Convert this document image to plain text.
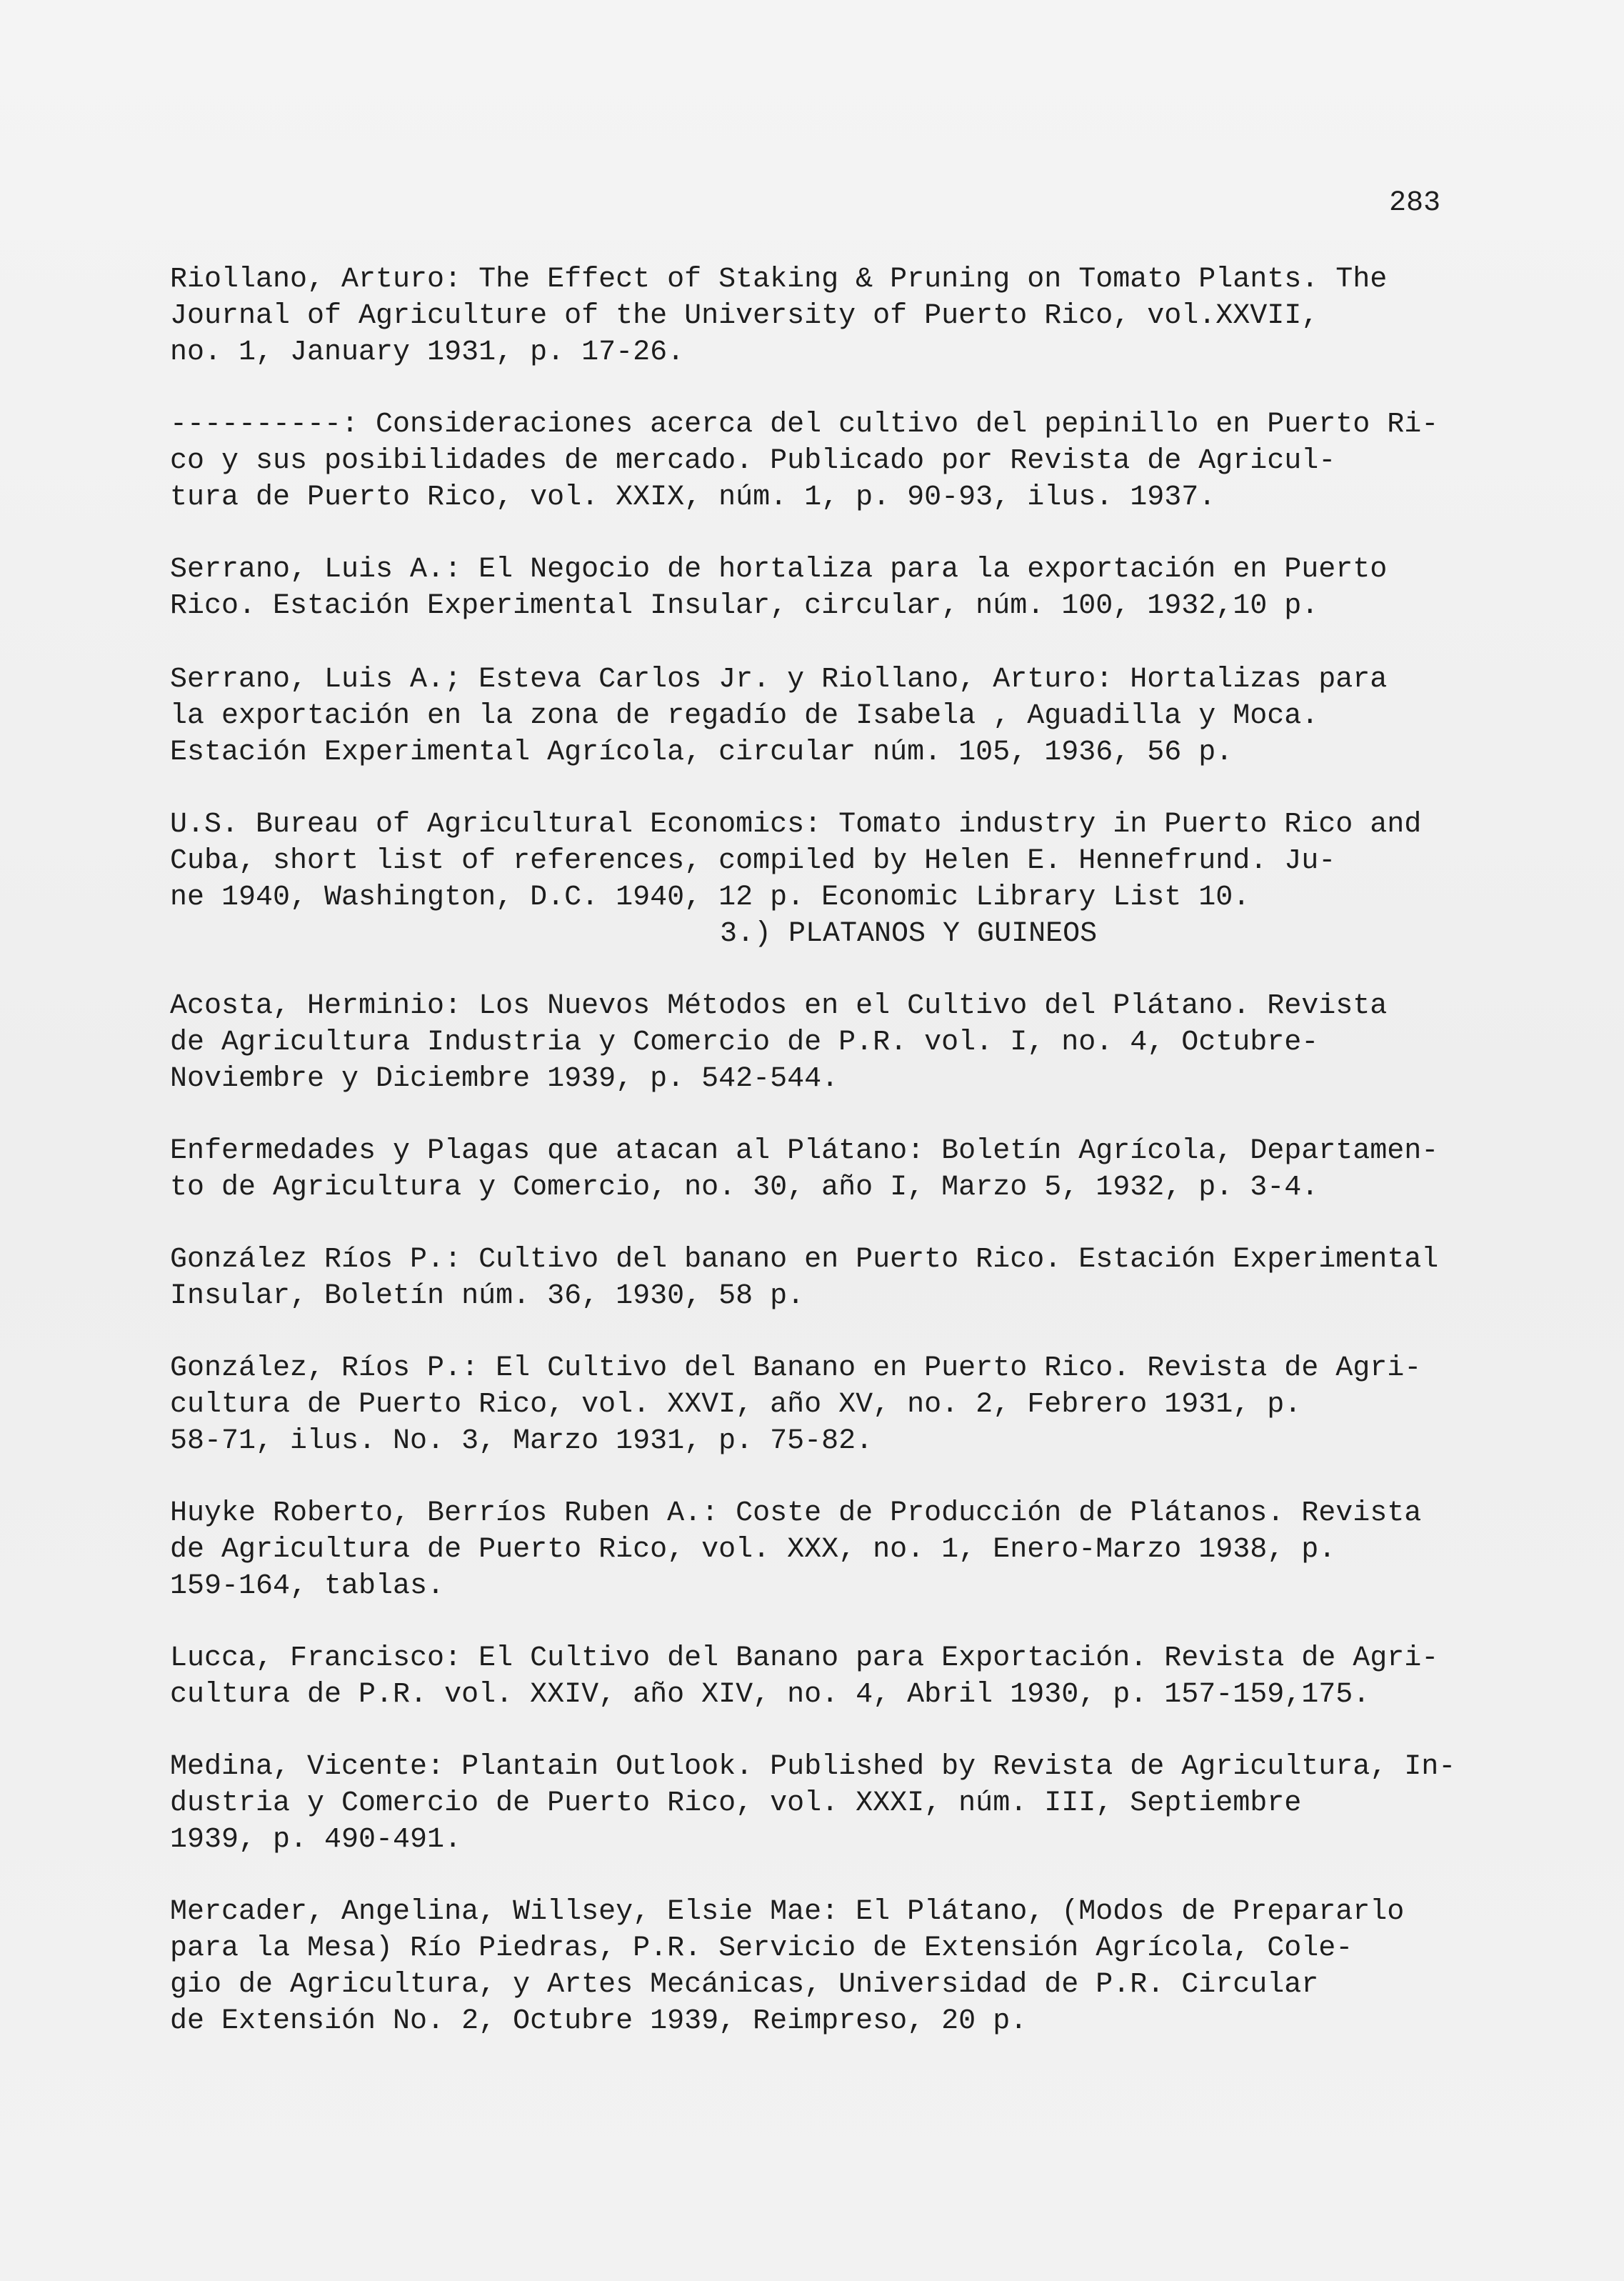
283
Riollano, Arturo: The Effect of Staking & Pruning on Tomato Plants. The
Journal of Agriculture of the University of Puerto Rico, vol.XXVII,
no. 1, January 1931, p. 17-26.
----------: Consideraciones acerca del cultivo del pepinillo en Puerto Ri-
co y sus posibilidades de mercado. Publicado por Revista de Agricul-
tura de Puerto Rico, vol. XXIX, núm. 1, p. 90-93, ilus. 1937.
Serrano, Luis A.: El Negocio de hortaliza para la exportación en Puerto
Rico. Estación Experimental Insular, circular, núm. 100, 1932,10 p.
Serrano, Luis A.; Esteva Carlos Jr. y Riollano, Arturo: Hortalizas para
la exportación en la zona de regadío de Isabela , Aguadilla y Moca.
Estación Experimental Agrícola, circular núm. 105, 1936, 56 p.
U.S. Bureau of Agricultural Economics: Tomato industry in Puerto Rico and
Cuba, short list of references, compiled by Helen E. Hennefrund. Ju-
ne 1940, Washington, D.C. 1940, 12 p. Economic Library List 10.
3.) PLATANOS Y GUINEOS
Acosta, Herminio: Los Nuevos Métodos en el Cultivo del Plátano. Revista
de Agricultura Industria y Comercio de P.R. vol. I, no. 4, Octubre-
Noviembre y Diciembre 1939, p. 542-544.
Enfermedades y Plagas que atacan al Plátano: Boletín Agrícola, Departamen-
to de Agricultura y Comercio, no. 30, año I, Marzo 5, 1932, p. 3-4.
González Ríos P.: Cultivo del banano en Puerto Rico. Estación Experimental
Insular, Boletín núm. 36, 1930, 58 p.
González, Ríos P.: El Cultivo del Banano en Puerto Rico. Revista de Agri-
cultura de Puerto Rico, vol. XXVI, año XV, no. 2, Febrero 1931, p.
58-71, ilus. No. 3, Marzo 1931, p. 75-82.
Huyke Roberto, Berríos Ruben A.: Coste de Producción de Plátanos. Revista
de Agricultura de Puerto Rico, vol. XXX, no. 1, Enero-Marzo 1938, p.
159-164, tablas.
Lucca, Francisco: El Cultivo del Banano para Exportación. Revista de Agri-
cultura de P.R. vol. XXIV, año XIV, no. 4, Abril 1930, p. 157-159,175.
Medina, Vicente: Plantain Outlook. Published by Revista de Agricultura, In-
dustria y Comercio de Puerto Rico, vol. XXXI, núm. III, Septiembre
1939, p. 490-491.
Mercader, Angelina, Willsey, Elsie Mae: El Plátano, (Modos de Prepararlo
para la Mesa) Río Piedras, P.R. Servicio de Extensión Agrícola, Cole-
gio de Agricultura, y Artes Mecánicas, Universidad de P.R. Circular
de Extensión No. 2, Octubre 1939, Reimpreso, 20 p.
